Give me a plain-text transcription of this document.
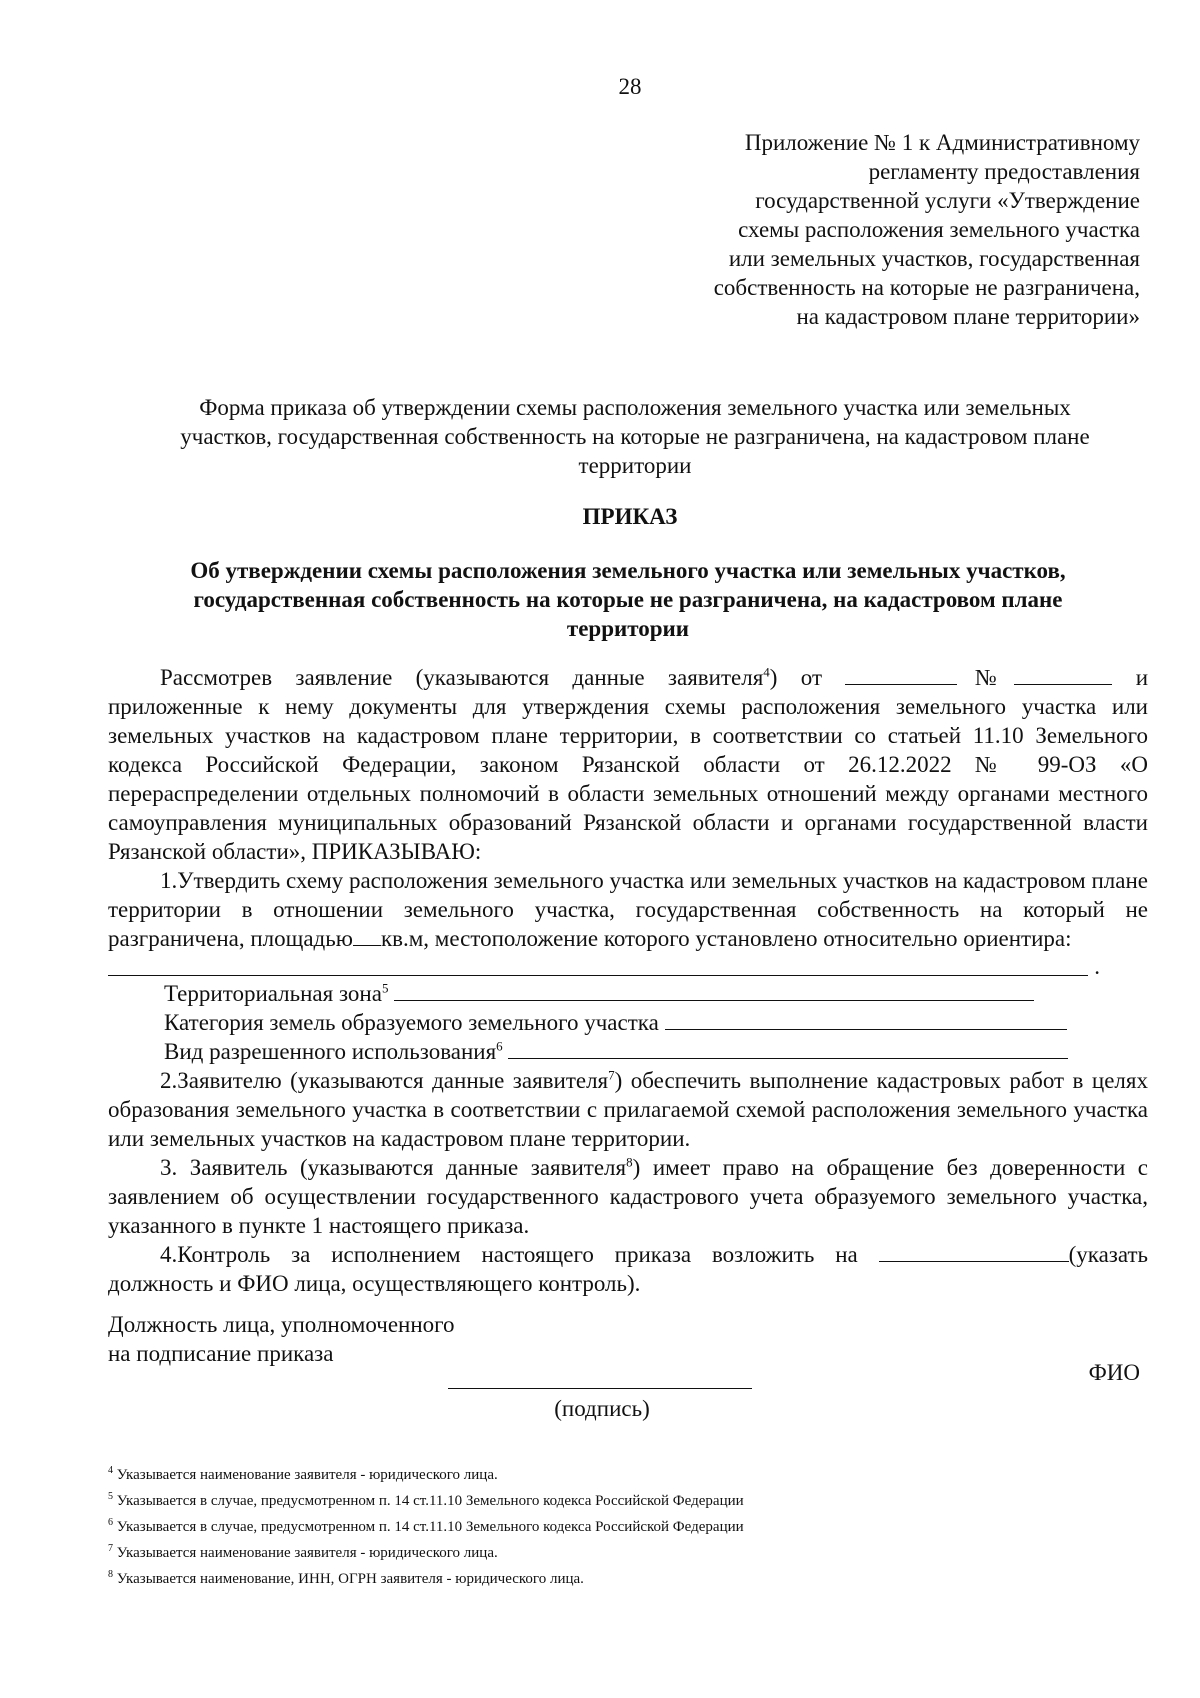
28
Приложение № 1 к Административному
регламенту предоставления
государственной услуги «Утверждение
схемы расположения земельного участка
или земельных участков, государственная
собственность на которые не разграничена,
на кадастровом плане территории»
Форма приказа об утверждении схемы расположения земельного участка или земельных
участков, государственная собственность на которые не разграничена, на кадастровом плане
территории
ПРИКАЗ
Об утверждении схемы расположения земельного участка или земельных участков,
государственная собственность на которые не разграничена, на кадастровом плане
территории

Рассмотрев заявление (указываются данные заявителя$^4$) от	№	и

приложенные к нему документы для утверждения схемы расположения земельного участка или земельных участков на кадастровом плане территории, в соответствии со статьей 11.10 Земельного кодекса Российской Федерации, законом Рязанской области от 26.12.2022 № 99-ОЗ «О перераспределении отдельных полномочий в области земельных отношений между органами местного самоуправления муниципальных образований Рязанской области и органами государственной власти Рязанской области», ПРИКАЗЫВАЮ:

1.Утвердить схему расположения земельного участка или земельных участков на кадастровом плане территории в отношении земельного участка, государственная собственность на который не разграничена, площадью кв.м, местоположение которого установлено относительно ориентира:

.
Территориальная зона$^5$
Категория земель образуемого земельного участка
Вид разрешенного использования$^6$

2.Заявителю (указываются данные заявителя$^7$) обеспечить выполнение кадастровых работ в целях образования земельного участка в соответствии с прилагаемой схемой расположения земельного участка или земельных участков на кадастровом плане территории.

3. Заявитель (указываются данные заявителя$^8$) имеет право на обращение без доверенности с заявлением об осуществлении государственного кадастрового учета образуемого земельного участка, указанного в пункте 1 настоящего приказа.

4.Контроль за исполнением настоящего приказа возложить на	(указать

должность и ФИО лица, осуществляющего контроль).

Должность лица, уполномоченного
на подписание приказа
ФИО
(подпись)
$^4$ Указывается наименование заявителя - юридического лица.
$^5$ Указывается в случае, предусмотренном п. 14 ст.11.10 Земельного кодекса Российской Федерации
$^6$ Указывается в случае, предусмотренном п. 14 ст.11.10 Земельного кодекса Российской Федерации
$^7$ Указывается наименование заявителя - юридического лица.
$^8$ Указывается наименование, ИНН, ОГРН заявителя - юридического лица.
